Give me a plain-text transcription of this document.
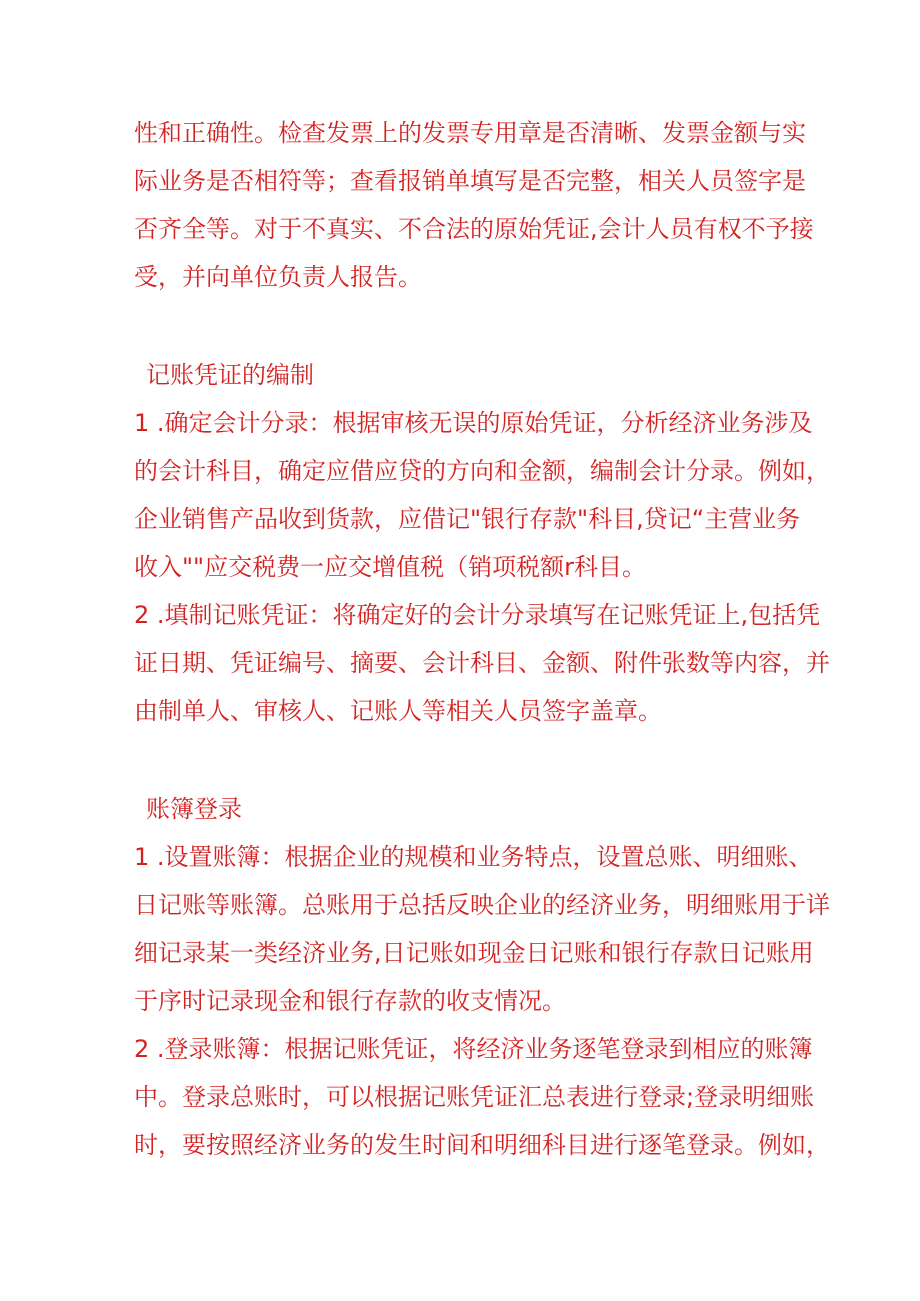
性和正确性。检查发票上的发票专用章是否清晰、发票金额与实
际业务是否相符等；查看报销单填写是否完整，相关人员签字是
否齐全等。对于不真实、不合法的原始凭证,会计人员有权不予接
受，并向单位负责人报告。
记账凭证的编制
1 .确定会计分录：根据审核无误的原始凭证，分析经济业务涉及
的会计科目，确定应借应贷的方向和金额，编制会计分录。例如，
企业销售产品收到货款，应借记"银行存款"科目,贷记“主营业务
收入""应交税费一应交增值税（销项税额r科目。
2 .填制记账凭证：将确定好的会计分录填写在记账凭证上,包括凭
证日期、凭证编号、摘要、会计科目、金额、附件张数等内容，并
由制单人、审核人、记账人等相关人员签字盖章。
账簿登录
1 .设置账簿：根据企业的规模和业务特点，设置总账、明细账、
日记账等账簿。总账用于总括反映企业的经济业务，明细账用于详
细记录某一类经济业务,日记账如现金日记账和银行存款日记账用
于序时记录现金和银行存款的收支情况。
2 .登录账簿：根据记账凭证，将经济业务逐笔登录到相应的账簿
中。登录总账时，可以根据记账凭证汇总表进行登录;登录明细账
时，要按照经济业务的发生时间和明细科目进行逐笔登录。例如，
